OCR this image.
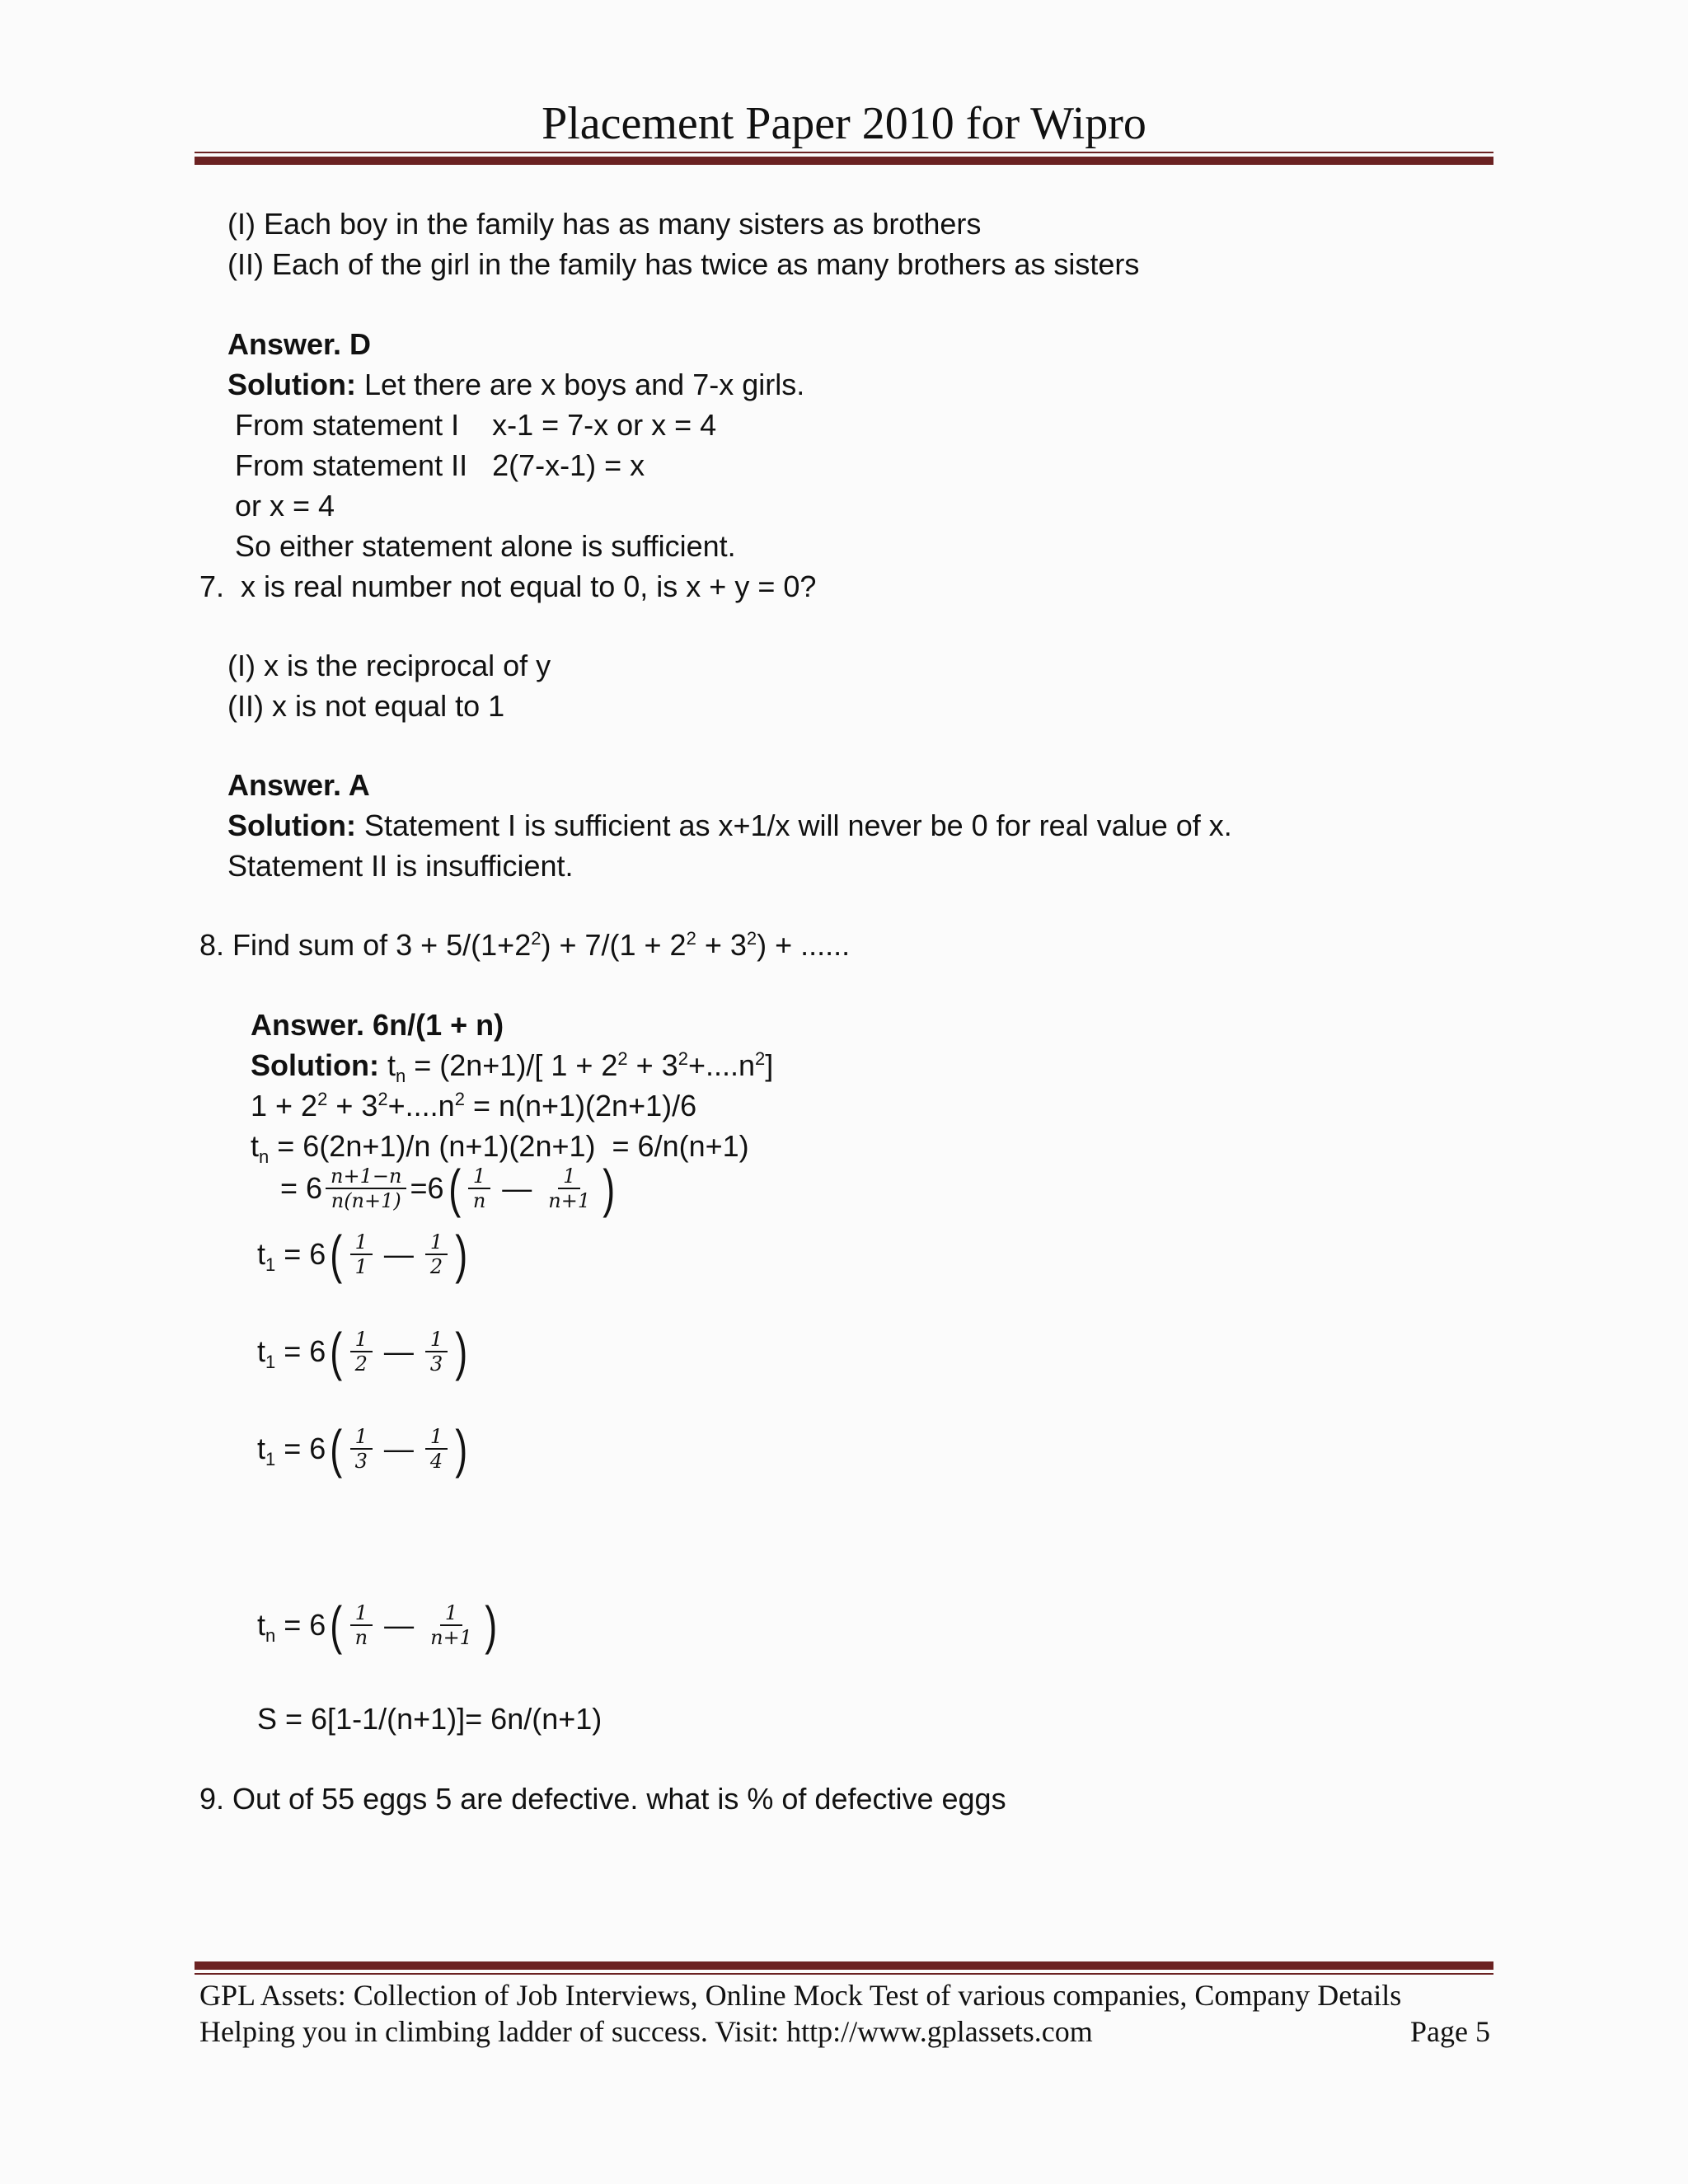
Placement Paper 2010 for Wipro
(I) Each boy in the family has as many sisters as brothers
(II) Each of the girl in the family has twice as many brothers as sisters
Answer. D
Solution: Let there are x boys and 7-x girls.
From statement I    x-1 = 7-x or x = 4
From statement II   2(7-x-1) = x
or x = 4
So either statement alone is sufficient.
7.  x is real number not equal to 0, is x + y = 0?
(I) x is the reciprocal of y
(II) x is not equal to 1
Answer. A
Solution: Statement I is sufficient as x+1/x will never be 0 for real value of x.
Statement II is insufficient.
8. Find sum of $3 + 5/(1+2^2) + 7/(1 + 2^2 + 3^2)$ + ......
Answer. 6n/(1 + n)
Solution: $t_n = (2n+1)/$[ $1 + 2^2 + 3^2+....n^2$]
$1 + 2^2 + 3^2+....n^2 = n(n+1)(2n+1)/6$
$t_n = 6(2n+1)/n$ (n+1)(2n+1)  = 6/n(n+1)
= $6 \frac{n+1-n}{n(n+1)} =6$ ( $\frac{1}{n}$ — $\frac{1}{n+1}$ )
$t_1 = 6$ ( $\frac{1}{1}$ — $\frac{1}{2}$ )
$t_1 = 6$ ( $\frac{1}{2}$ — $\frac{1}{3}$ )
$t_1 = 6$ ( $\frac{1}{3}$ — $\frac{1}{4}$ )
$t_n = 6$ ( $\frac{1}{n}$ — $\frac{1}{n+1}$ )
S = 6[1-1/(n+1)]= 6n/(n+1)
9. Out of 55 eggs 5 are defective. what is % of defective eggs
GPL Assets: Collection of Job Interviews, Online Mock Test of various companies, Company Details
Helping you in climbing ladder of success. Visit: http://www.gplassets.com	Page 5
